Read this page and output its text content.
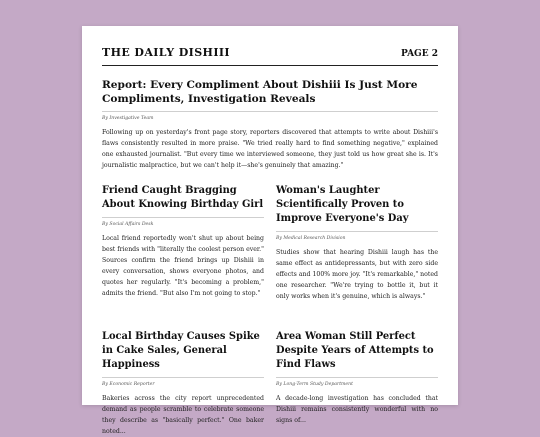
THE DAILY DISHIII	PAGE 2
Report: Every Compliment About Dishiii Is Just More Compliments, Investigation Reveals
By Investigative Team

Following up on yesterday's front page story, reporters discovered that attempts to write about Dishiii's flaws consistently resulted in more praise. "We tried really hard to find something negative," explained one exhausted journalist. "But every time we interviewed someone, they just told us how great she is. It's journalistic malpractice, but we can't help it—she's genuinely that amazing."

Friend Caught Bragging About Knowing Birthday Girl
By Social Affairs Desk

Local friend reportedly won't shut up about being best friends with "literally the coolest person ever." Sources confirm the friend brings up Dishiii in every conversation, shows everyone photos, and quotes her regularly. "It's becoming a problem," admits the friend. "But also I'm not going to stop."

Woman's Laughter Scientifically Proven to Improve Everyone's Day
By Medical Research Division

Studies show that hearing Dishiii laugh has the same effect as antidepressants, but with zero side effects and 100% more joy. "It's remarkable," noted one researcher. "We're trying to bottle it, but it only works when it's genuine, which is always."

Local Birthday Causes Spike in Cake Sales, General Happiness
By Economic Reporter

Bakeries across the city report unprecedented demand as people scramble to celebrate someone they describe as "basically perfect." One baker noted...

Area Woman Still Perfect Despite Years of Attempts to Find Flaws
By Long-Term Study Department

A decade-long investigation has concluded that Dishiii remains consistently wonderful with no signs of...
